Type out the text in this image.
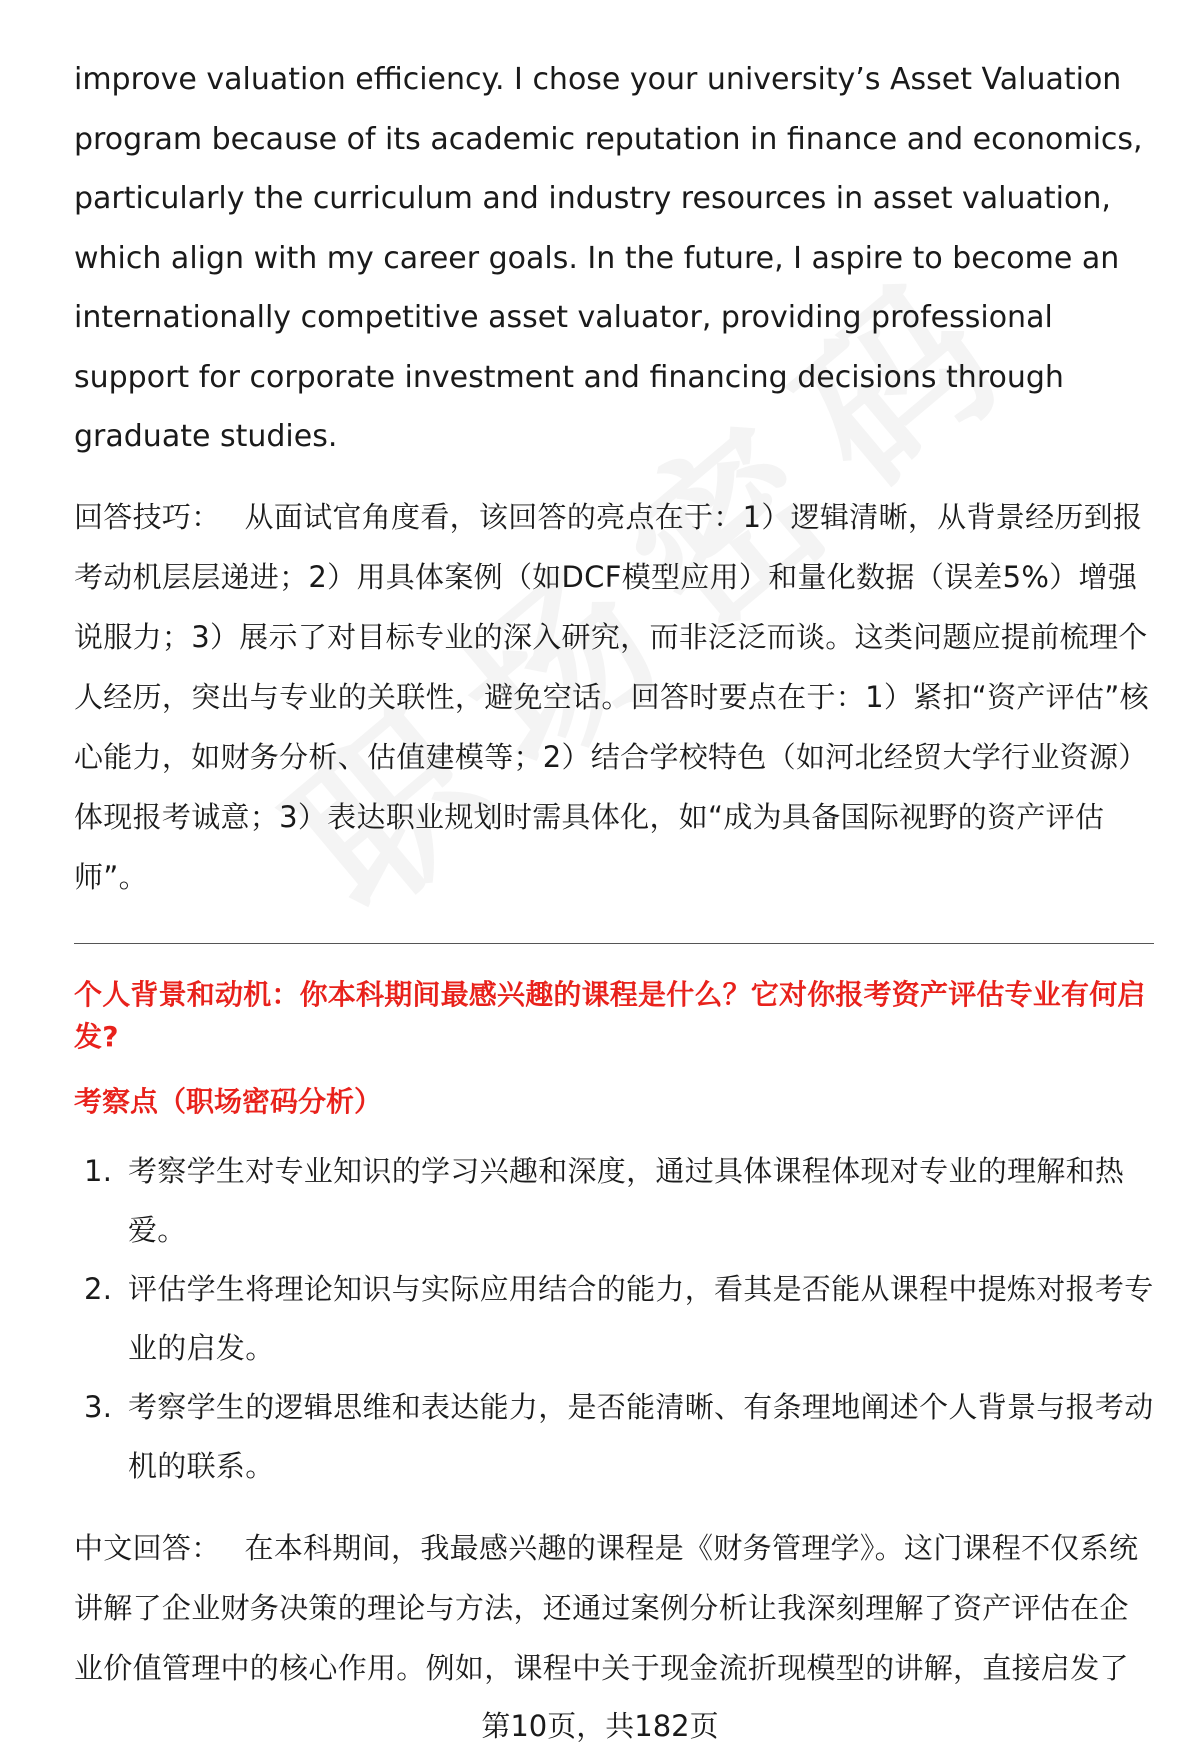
improve valuation efficiency. I chose your university’s Asset Valuation program because of its academic reputation in finance and economics, particularly the curriculum and industry resources in asset valuation, which align with my career goals. In the future, I aspire to become an internationally competitive asset valuator, providing professional support for corporate investment and financing decisions through graduate studies.

回答技巧： 从面试官角度看，该回答的亮点在于：1）逻辑清晰，从背景经历到报考动机层层递进；2）用具体案例（如DCF模型应用）和量化数据（误差5%）增强说服力；3）展示了对目标专业的深入研究，而非泛泛而谈。这类问题应提前梳理个人经历，突出与专业的关联性，避免空话。回答时要点在于：1）紧扣“资产评估”核心能力，如财务分析、估值建模等；2）结合学校特色（如河北经贸大学行业资源）体现报考诚意；3）表达职业规划时需具体化，如“成为具备国际视野的资产评估师”。

个人背景和动机：你本科期间最感兴趣的课程是什么？它对你报考资产评估专业有何启发?

考察点（职场密码分析）

1. 考察学生对专业知识的学习兴趣和深度，通过具体课程体现对专业的理解和热爱。
2. 评估学生将理论知识与实际应用结合的能力，看其是否能从课程中提炼对报考专业的启发。
3. 考察学生的逻辑思维和表达能力，是否能清晰、有条理地阐述个人背景与报考动机的联系。

中文回答： 在本科期间，我最感兴趣的课程是《财务管理学》。这门课程不仅系统讲解了企业财务决策的理论与方法，还通过案例分析让我深刻理解了资产评估在企业价值管理中的核心作用。例如，课程中关于现金流折现模型的讲解，直接启发了

第10页，共182页
